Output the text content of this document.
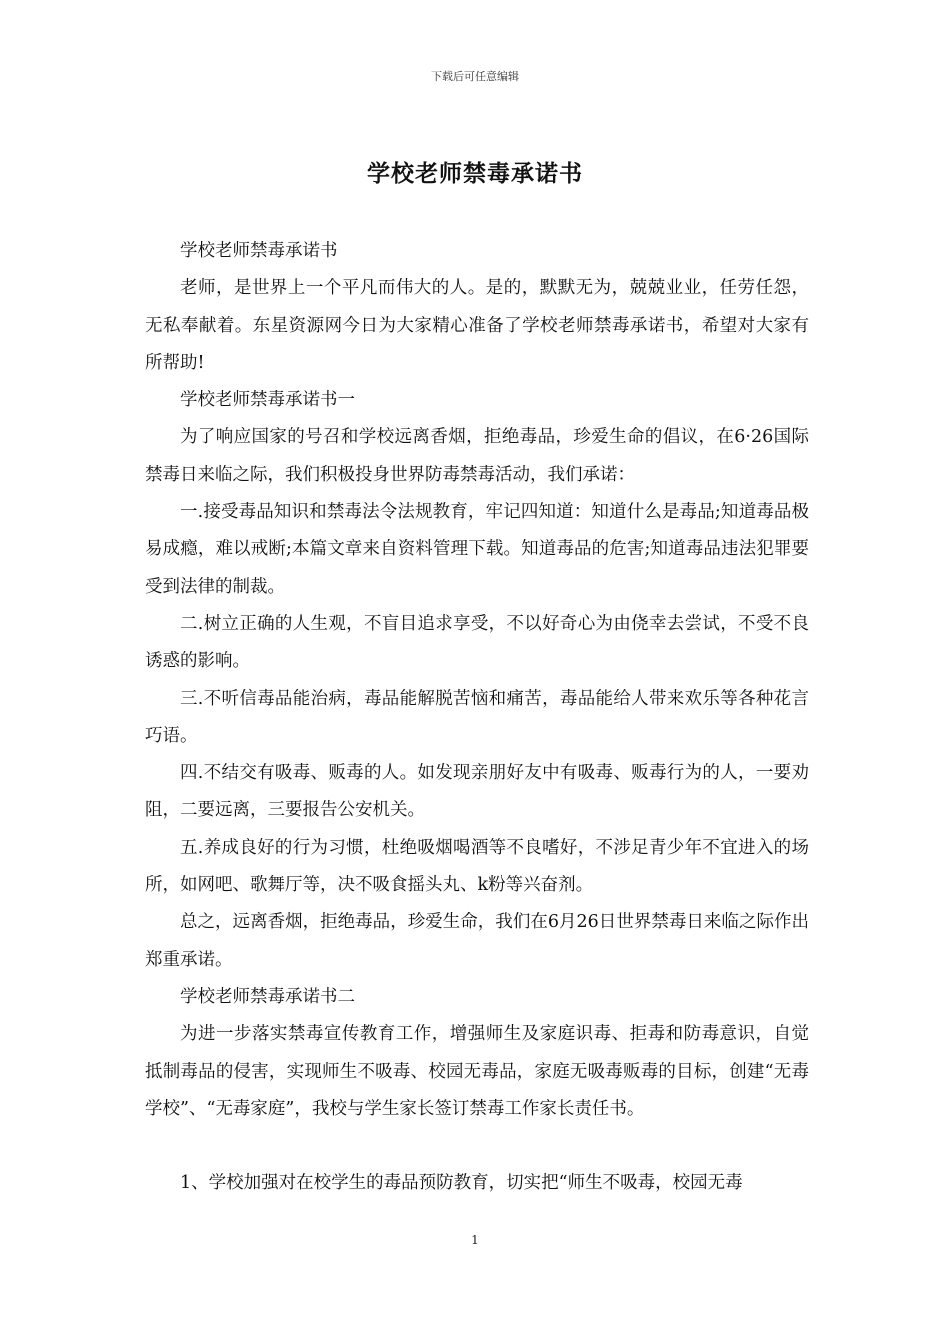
下载后可任意编辑
学校老师禁毒承诺书

学校老师禁毒承诺书

老师，是世界上一个平凡而伟大的人。是的，默默无为，兢兢业业，任劳任怨，无私奉献着。东星资源网今日为大家精心准备了学校老师禁毒承诺书，希望对大家有所帮助!

学校老师禁毒承诺书一

为了响应国家的号召和学校远离香烟，拒绝毒品，珍爱生命的倡议，在6·26国际禁毒日来临之际，我们积极投身世界防毒禁毒活动，我们承诺：

一.接受毒品知识和禁毒法令法规教育，牢记四知道：知道什么是毒品;知道毒品极易成瘾，难以戒断;本篇文章来自资料管理下载。知道毒品的危害;知道毒品违法犯罪要受到法律的制裁。

二.树立正确的人生观，不盲目追求享受，不以好奇心为由侥幸去尝试，不受不良诱惑的影响。

三.不听信毒品能治病，毒品能解脱苦恼和痛苦，毒品能给人带来欢乐等各种花言巧语。

四.不结交有吸毒、贩毒的人。如发现亲朋好友中有吸毒、贩毒行为的人，一要劝阻，二要远离，三要报告公安机关。

五.养成良好的行为习惯，杜绝吸烟喝酒等不良嗜好，不涉足青少年不宜进入的场所，如网吧、歌舞厅等，决不吸食摇头丸、k粉等兴奋剂。

总之，远离香烟，拒绝毒品，珍爱生命，我们在6月26日世界禁毒日来临之际作出郑重承诺。

学校老师禁毒承诺书二

为进一步落实禁毒宣传教育工作，增强师生及家庭识毒、拒毒和防毒意识，自觉抵制毒品的侵害，实现师生不吸毒、校园无毒品，家庭无吸毒贩毒的目标，创建“无毒学校”、“无毒家庭”，我校与学生家长签订禁毒工作家长责任书。

1、学校加强对在校学生的毒品预防教育，切实把“师生不吸毒，校园无毒

1
